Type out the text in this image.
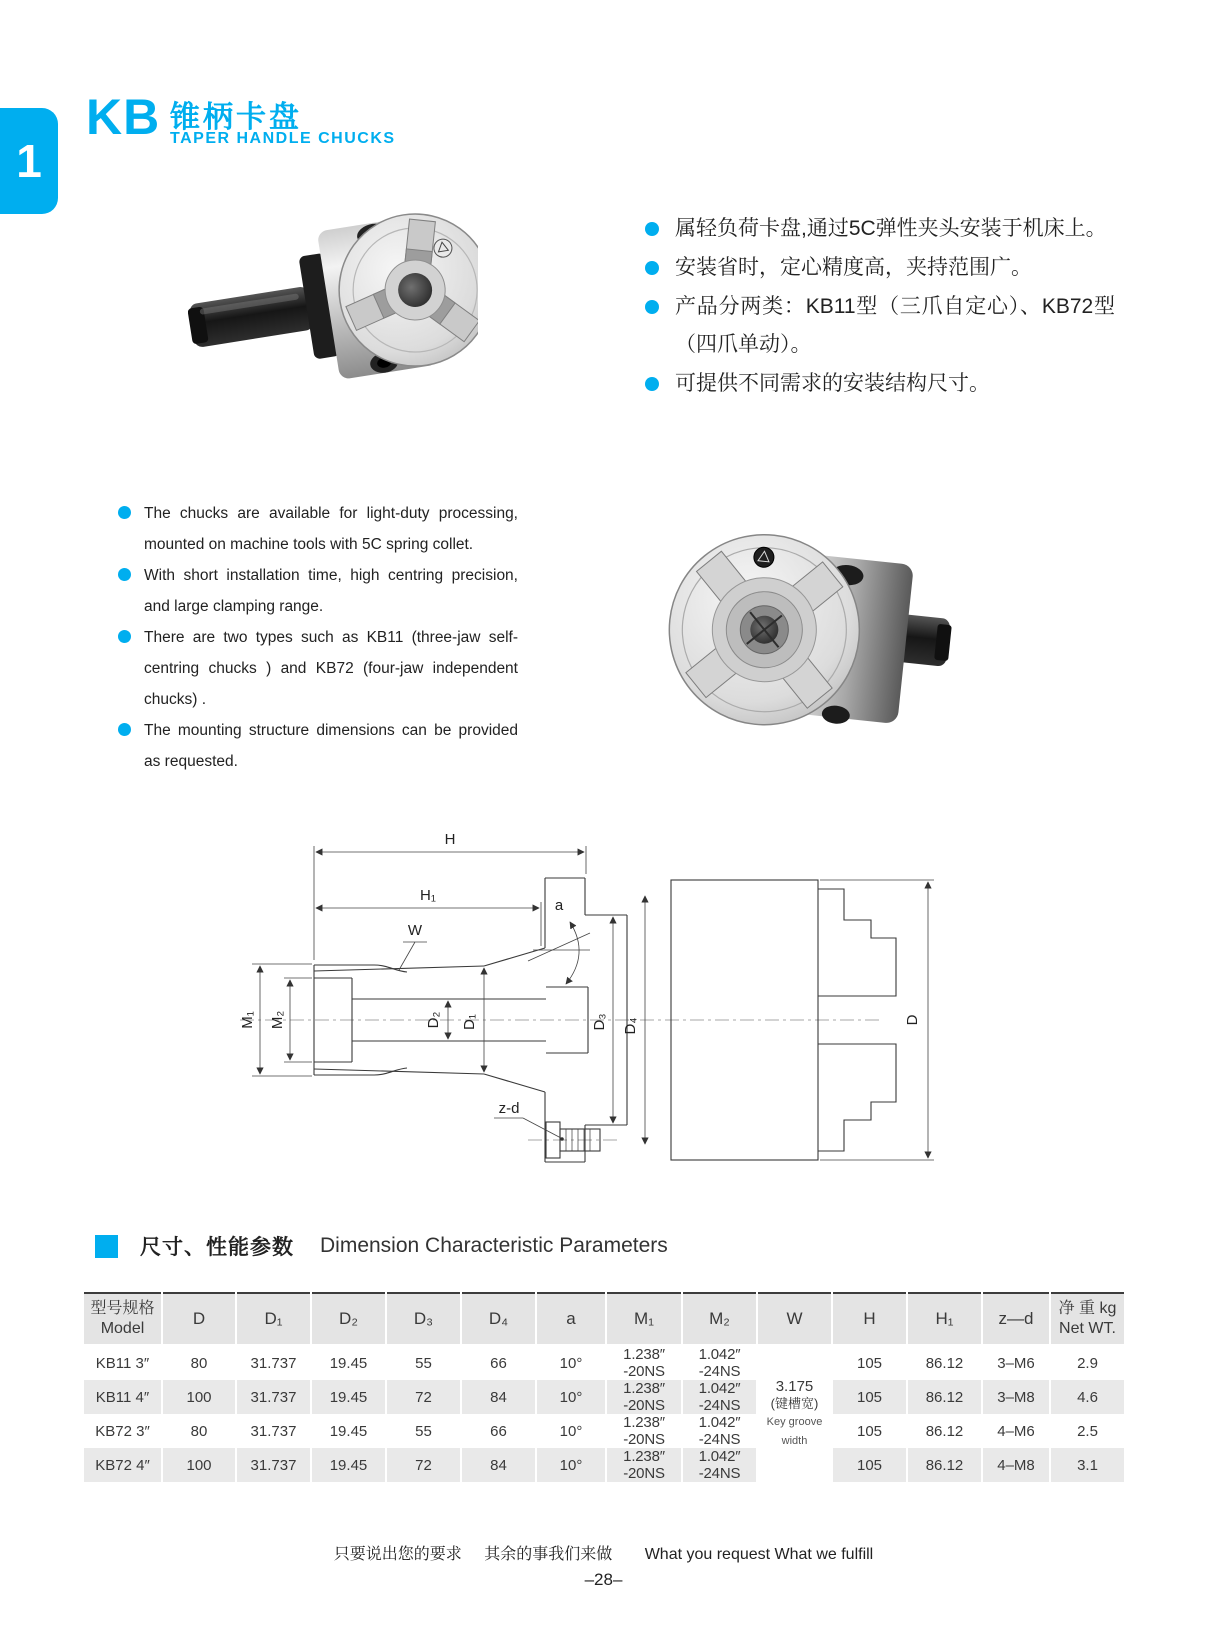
1
KB 锥柄卡盘
TAPER HANDLE CHUCKS
属轻负荷卡盘,通过5C弹性夹头安装于机床上。
安装省时，定心精度高，夹持范围广。
产品分两类：KB11型（三爪自定心）、KB72型（四爪单动）。
可提供不同需求的安装结构尺寸。
The chucks are available for light-duty processing, mounted on machine tools with 5C spring collet.
With short installation time, high centring precision, and large clamping range.
There are two types such as KB11 (three-jaw self-centring chucks ) and KB72 (four-jaw independent chucks) .
The mounting structure dimensions can be provided as requested.
H
H₁
W
a
M₁ M₂	D₂ D₁	D₃ D₄	D
z-d
尺寸、性能参数 Dimension Characteristic Parameters
型号规格
Model	D	D₁	D₂	D₃	D₄	a	M₁	M₂	W	H	H₁	z—d	净 重 kg
Net WT.

KB11 3″	80	31.737	19.45	55	66	10°	1.238″ -20NS	1.042″ -24NS	3.175
(键槽宽)
Key groove width	105	86.12	3–M6	2.9
KB11 4″	100	31.737	19.45	72	84	10°	1.238″ -20NS	1.042″ -24NS		105	86.12	3–M8	4.6
KB72 3″	80	31.737	19.45	55	66	10°	1.238″ -20NS	1.042″ -24NS		105	86.12	4–M6	2.5
KB72 4″	100	31.737	19.45	72	84	10°	1.238″ -20NS	1.042″ -24NS		105	86.12	4–M8	3.1
只要说出您的要求 其余的事我们来做 What you request What we fulfill
–28–
